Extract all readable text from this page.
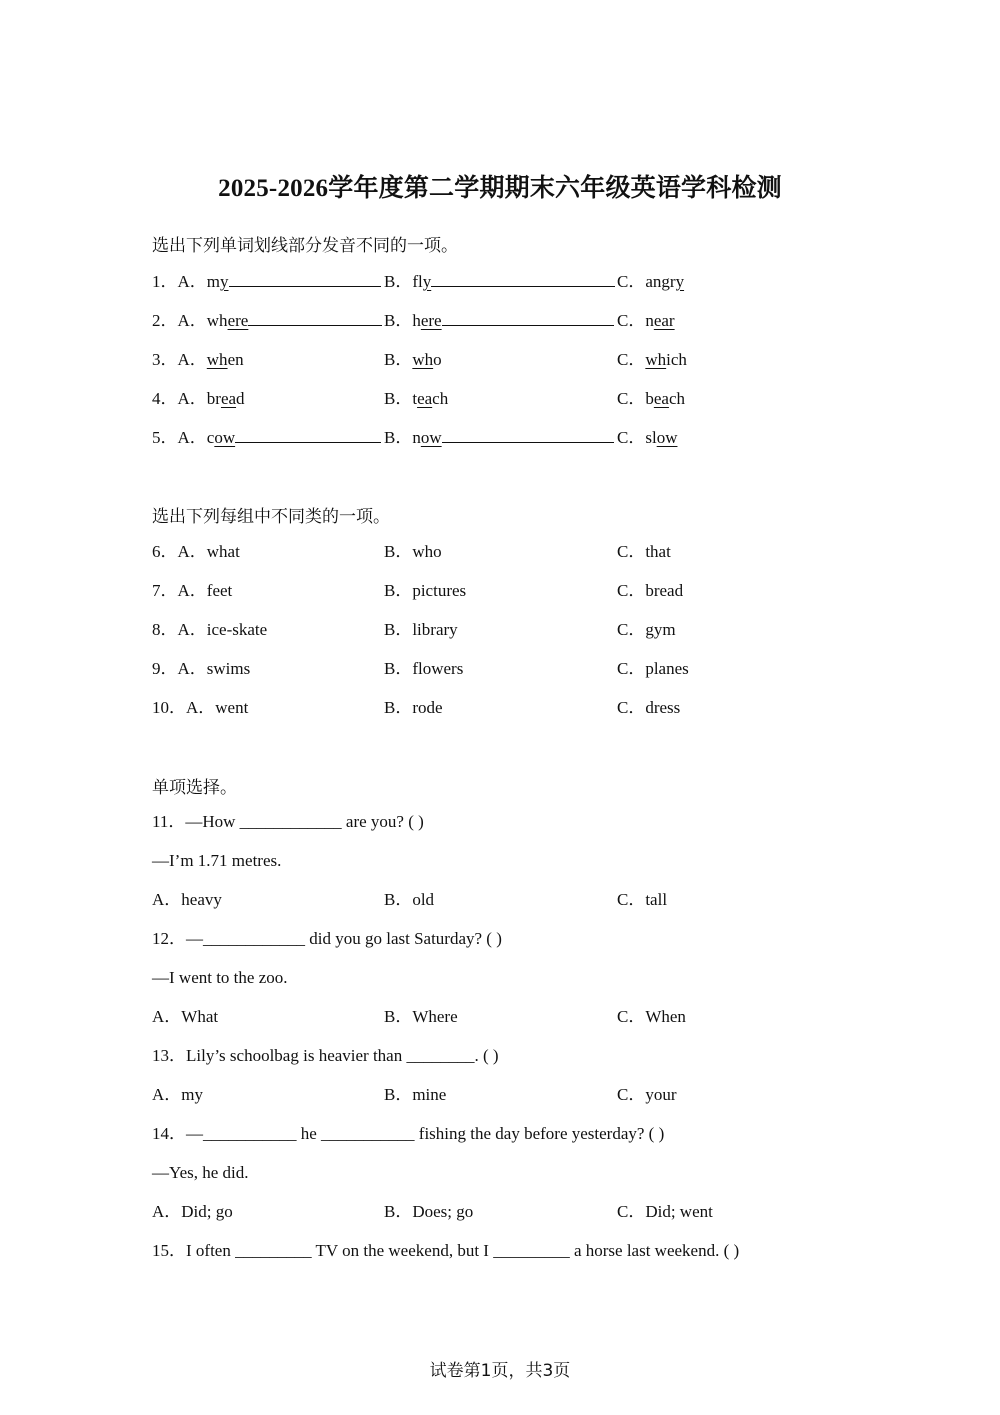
2025-2026学年度第二学期期末六年级英语学科检测
选出下列单词划线部分发音不同的一项。
1．A．my	B．fly	C．angry
2．A．where	B．here	C．near
3．A．when	B．who	C．which
4．A．bread	B．teach	C．beach
5．A．cow	B．now	C．slow
选出下列每组中不同类的一项。
6．A．what	B．who	C．that
7．A．feet	B．pictures	C．bread
8．A．ice-skate	B．library	C．gym
9．A．swims	B．flowers	C．planes
10．A．went	B．rode	C．dress
单项选择。
11．—How ____________ are you? ( )
—I’m 1.71 metres.
A．heavy	B．old	C．tall
12．—____________ did you go last Saturday? ( )
—I went to the zoo.
A．What	B．Where	C．When
13．Lily’s schoolbag is heavier than ________. ( )
A．my	B．mine	C．your
14．—___________ he ___________ fishing the day before yesterday? ( )
—Yes, he did.
A．Did; go	B．Does; go	C．Did; went
15．I often _________ TV on the weekend, but I _________ a horse last weekend. ( )
试卷第1页，共3页
